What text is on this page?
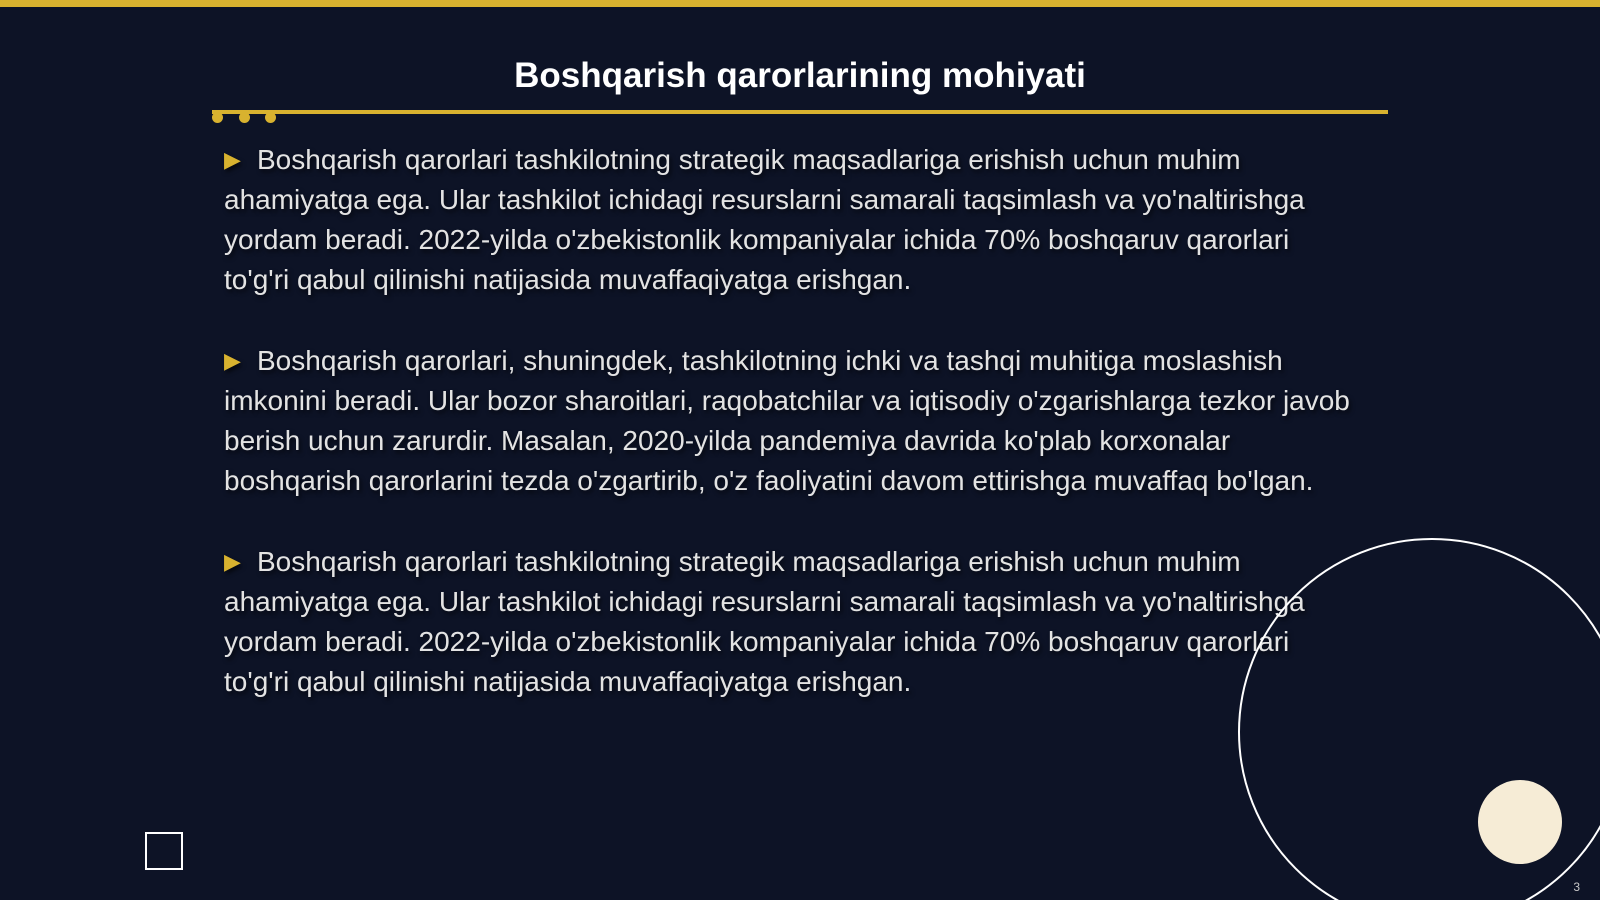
Boshqarish qarorlarining mohiyati

▶ Boshqarish qarorlari tashkilotning strategik maqsadlariga erishish uchun muhim ahamiyatga ega. Ular tashkilot ichidagi resurslarni samarali taqsimlash va yo'naltirishga yordam beradi. 2022-yilda o'zbekistonlik kompaniyalar ichida 70% boshqaruv qarorlari to'g'ri qabul qilinishi natijasida muvaffaqiyatga erishgan.

▶ Boshqarish qarorlari, shuningdek, tashkilotning ichki va tashqi muhitiga moslashish imkonini beradi. Ular bozor sharoitlari, raqobatchilar va iqtisodiy o'zgarishlarga tezkor javob berish uchun zarurdir. Masalan, 2020-yilda pandemiya davrida ko'plab korxonalar boshqarish qarorlarini tezda o'zgartirib, o'z faoliyatini davom ettirishga muvaffaq bo'lgan.

▶ Boshqarish qarorlari tashkilotning strategik maqsadlariga erishish uchun muhim ahamiyatga ega. Ular tashkilot ichidagi resurslarni samarali taqsimlash va yo'naltirishga yordam beradi. 2022-yilda o'zbekistonlik kompaniyalar ichida 70% boshqaruv qarorlari to'g'ri qabul qilinishi natijasida muvaffaqiyatga erishgan.

3
